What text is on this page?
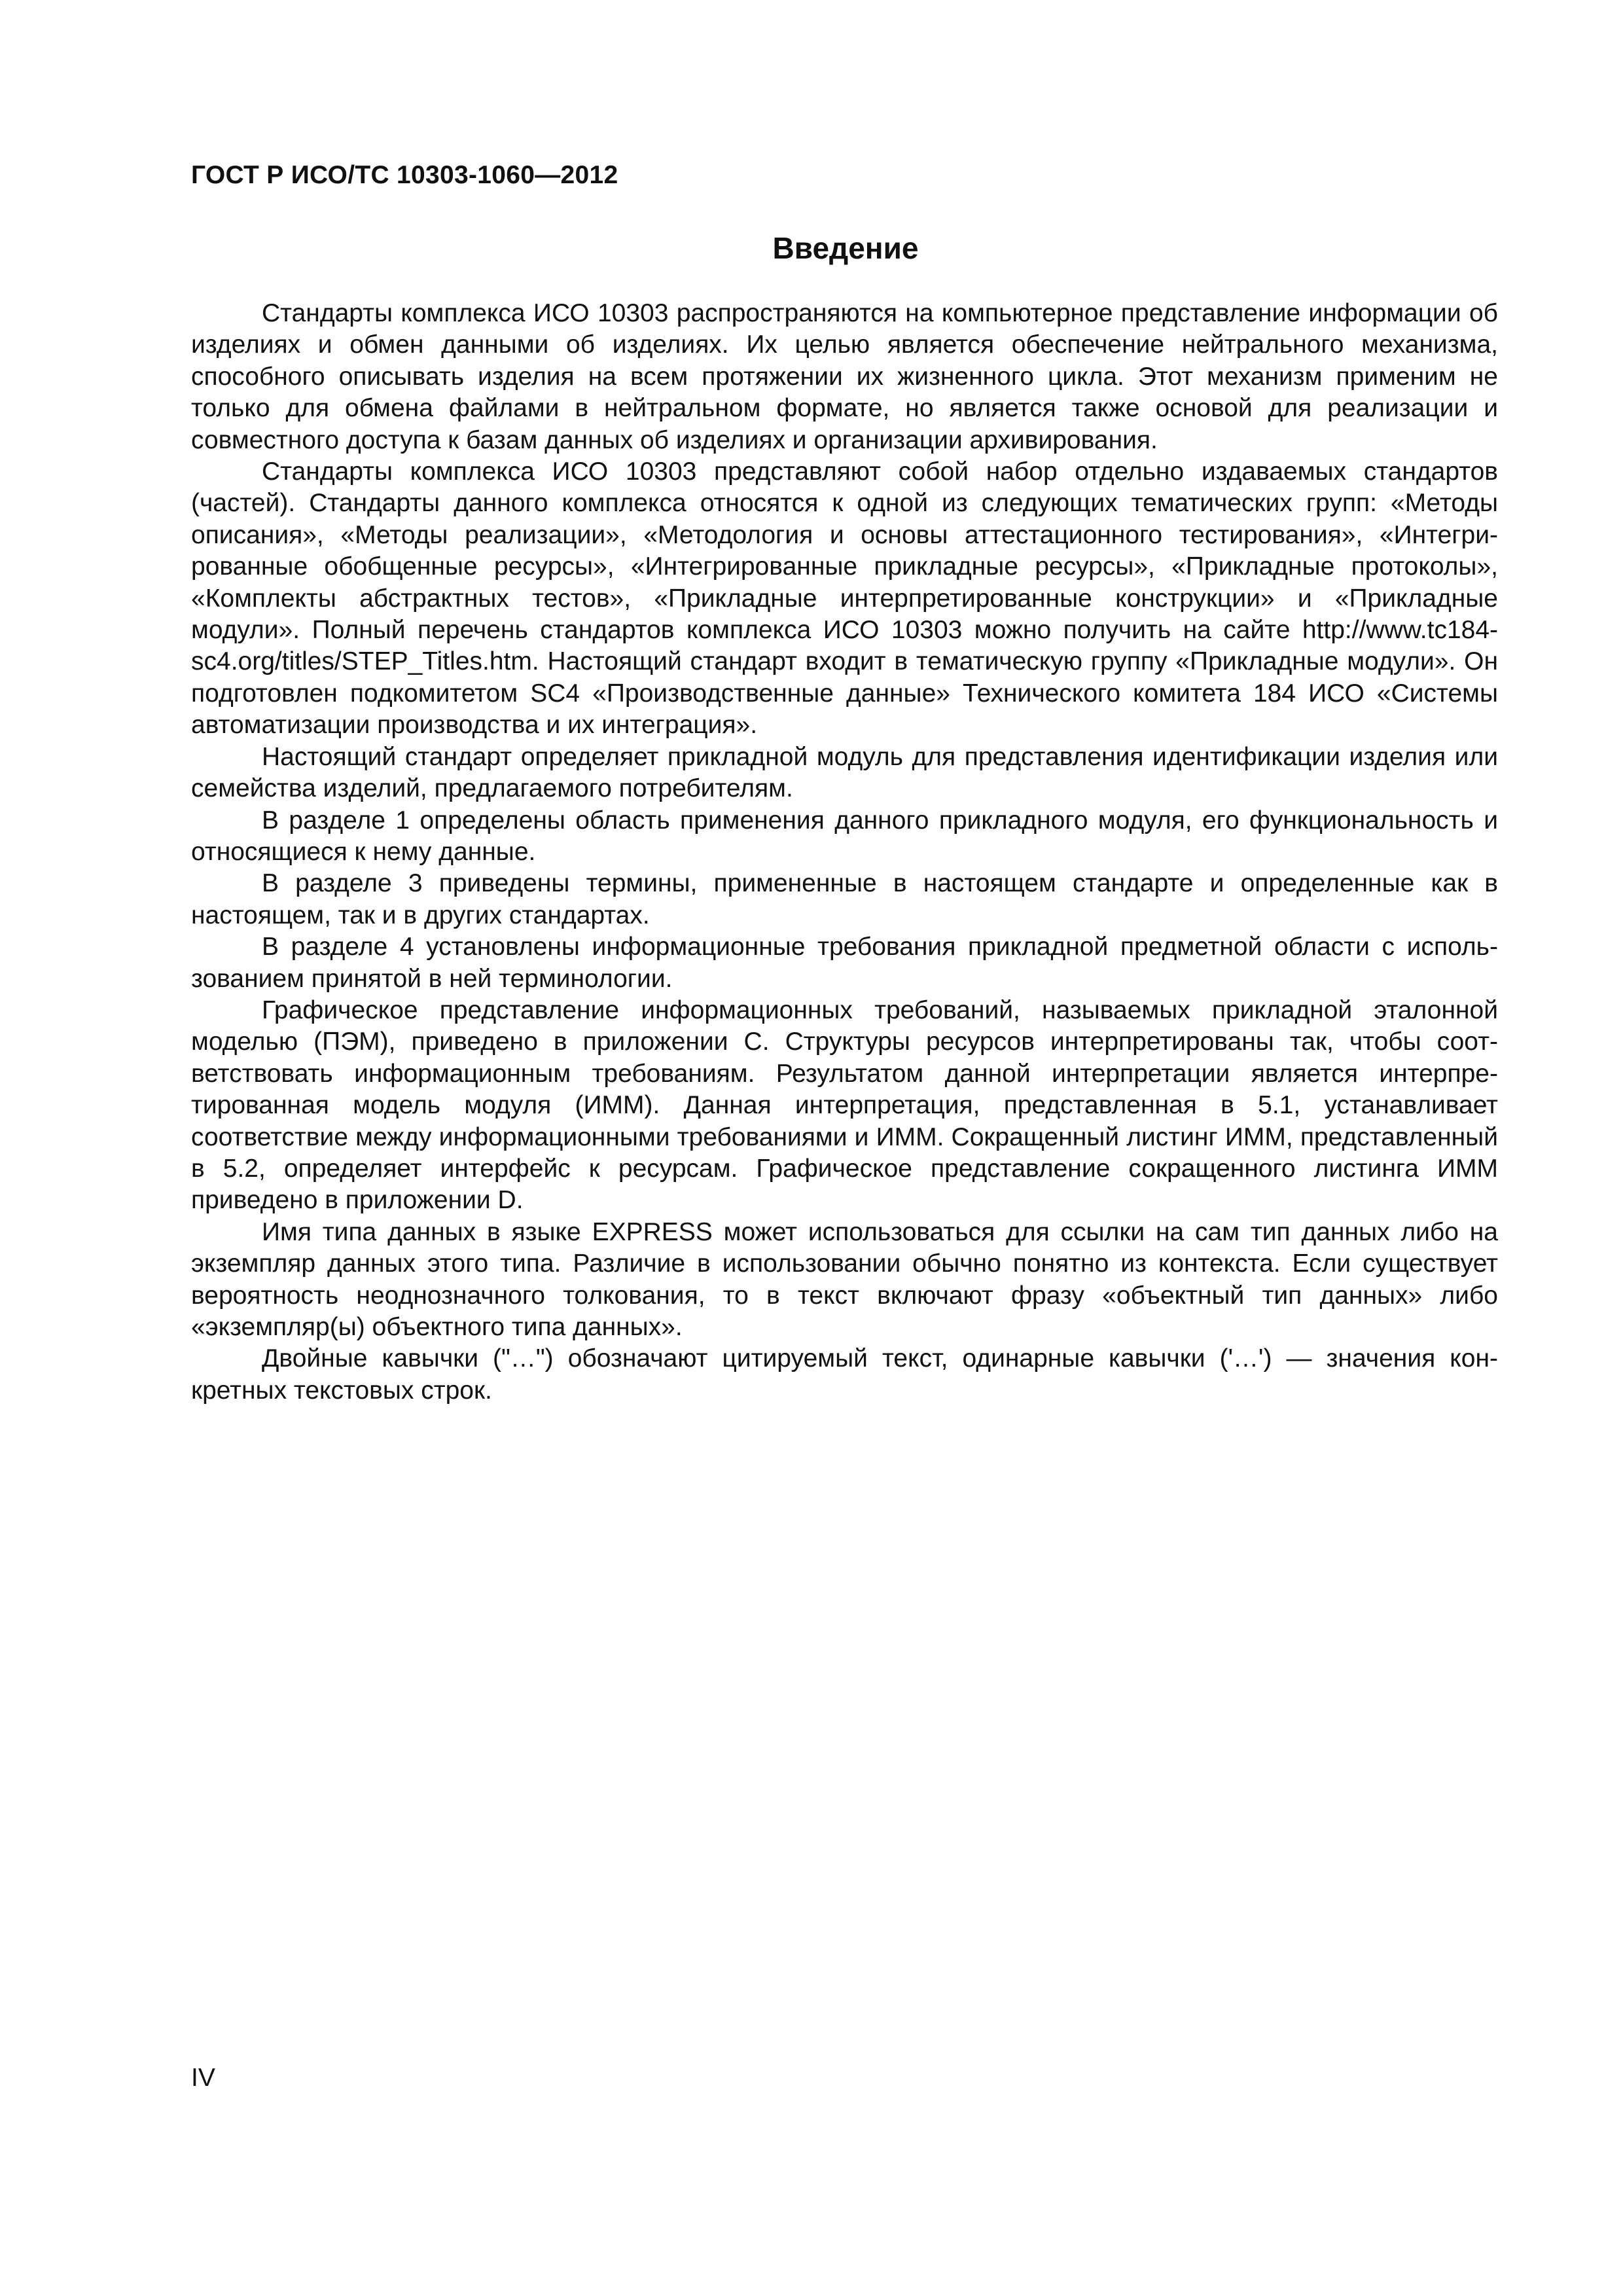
ГОСТ Р ИСО/ТС 10303-1060—2012
Введение

Стандарты комплекса ИСО 10303 распространяются на компьютерное представление информации об изделиях и обмен данными об изделиях. Их целью является обеспечение нейтрального механизма, способного описывать изделия на всем протяжении их жизненного цикла. Этот механизм применим не только для обмена файлами в нейтральном формате, но является также основой для реализации и совместного доступа к базам данных об изделиях и организации архивирования.

Стандарты комплекса ИСО 10303 представляют собой набор отдельно издаваемых стандартов (частей). Стандарты данного комплекса относятся к одной из следующих тематических групп: «Методы описания», «Методы реализации», «Методология и основы аттестационного тестирования», «Интегрированные обобщенные ресурсы», «Интегрированные прикладные ресурсы», «Прикладные протоколы», «Комплекты абстрактных тестов», «Прикладные интерпретированные конструкции» и «Прикладные модули». Полный перечень стандартов комплекса ИСО 10303 можно получить на сайте http://www.tc184-sc4.org/titles/STEP_Titles.htm. Настоящий стандарт входит в тематическую группу «Прикладные модули». Он подготовлен подкомитетом SC4 «Производственные данные» Технического комитета 184 ИСО «Системы автоматизации производства и их интеграция».

Настоящий стандарт определяет прикладной модуль для представления идентификации изделия или семейства изделий, предлагаемого потребителям.

В разделе 1 определены область применения данного прикладного модуля, его функциональность и относящиеся к нему данные.

В разделе 3 приведены термины, примененные в настоящем стандарте и определенные как в настоящем, так и в других стандартах.

В разделе 4 установлены информационные требования прикладной предметной области с использованием принятой в ней терминологии.

Графическое представление информационных требований, называемых прикладной эталонной моделью (ПЭМ), приведено в приложении С. Структуры ресурсов интерпретированы так, чтобы соответствовать информационным требованиям. Результатом данной интерпретации является интерпретированная модель модуля (ИММ). Данная интерпретация, представленная в 5.1, устанавливает соответствие между информационными требованиями и ИММ. Сокращенный листинг ИММ, представленный в 5.2, определяет интерфейс к ресурсам. Графическое представление сокращенного листинга ИММ приведено в приложении D.

Имя типа данных в языке EXPRESS может использоваться для ссылки на сам тип данных либо на экземпляр данных этого типа. Различие в использовании обычно понятно из контекста. Если существует вероятность неоднозначного толкования, то в текст включают фразу «объектный тип данных» либо «экземпляр(ы) объектного типа данных».

Двойные кавычки ("…") обозначают цитируемый текст, одинарные кавычки ('…') — значения конкретных текстовых строк.

IV
